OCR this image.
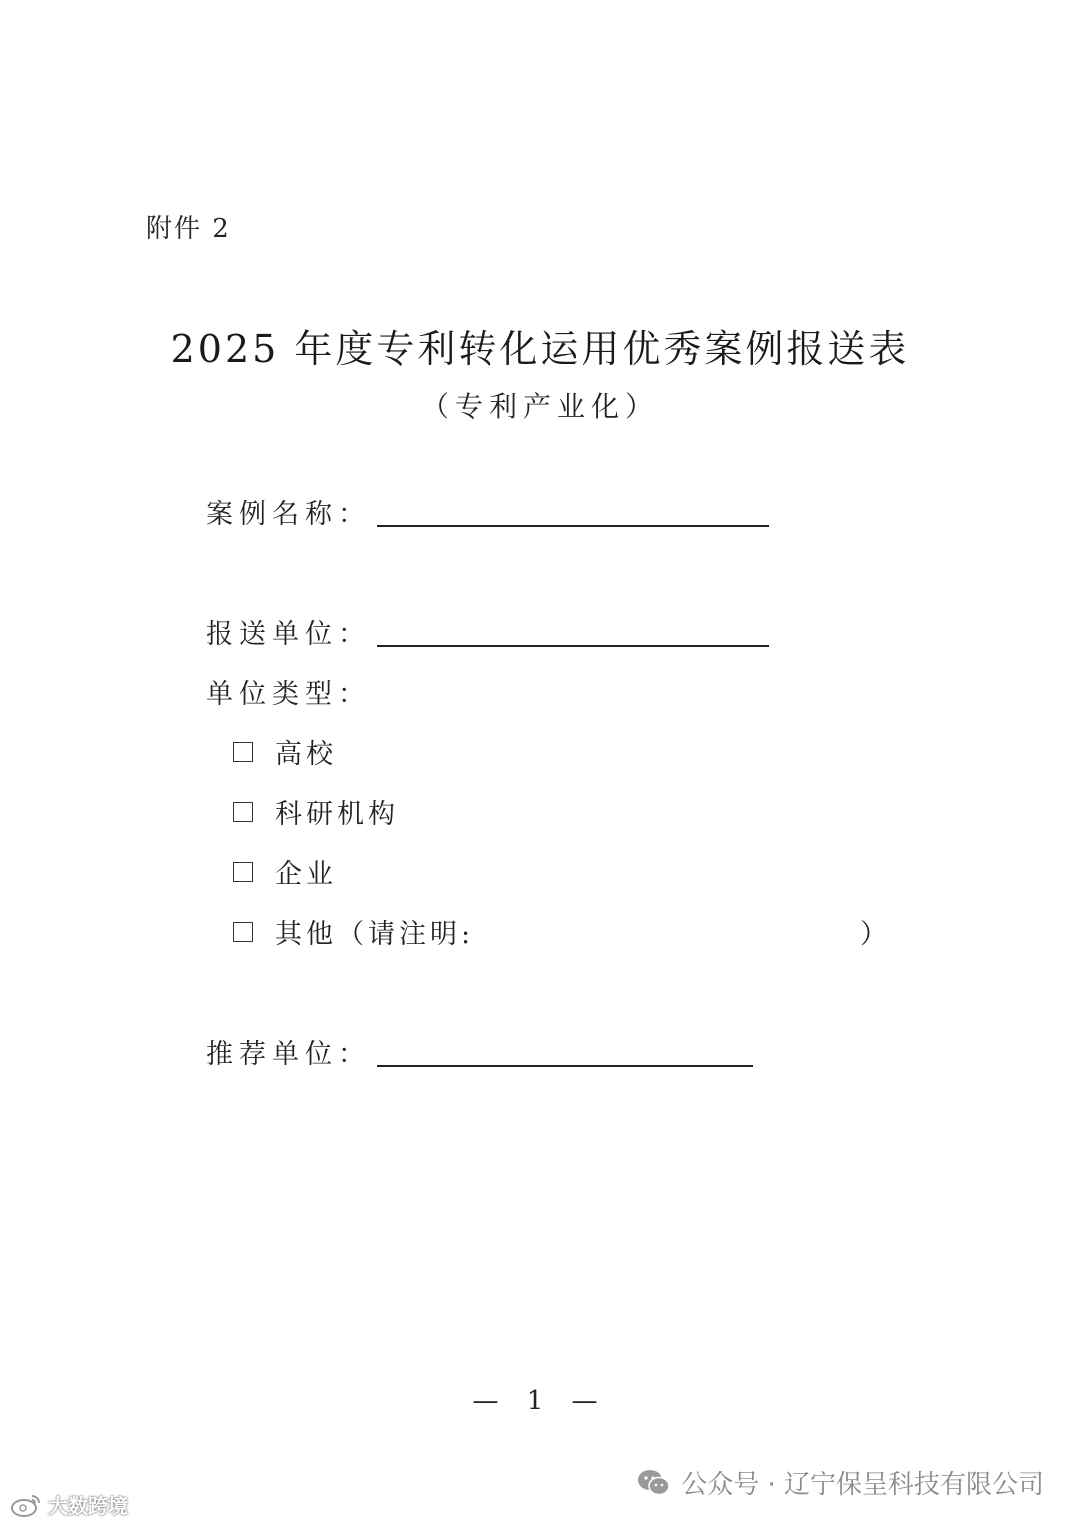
附件 2
2025 年度专利转化运用优秀案例报送表
（专利产业化）
案例名称：
报送单位：
单位类型：
高校
科研机构
企业
其他（请注明:	）
推荐单位：
— 1 —
公众号 · 辽宁保呈科技有限公司
大数跨境
